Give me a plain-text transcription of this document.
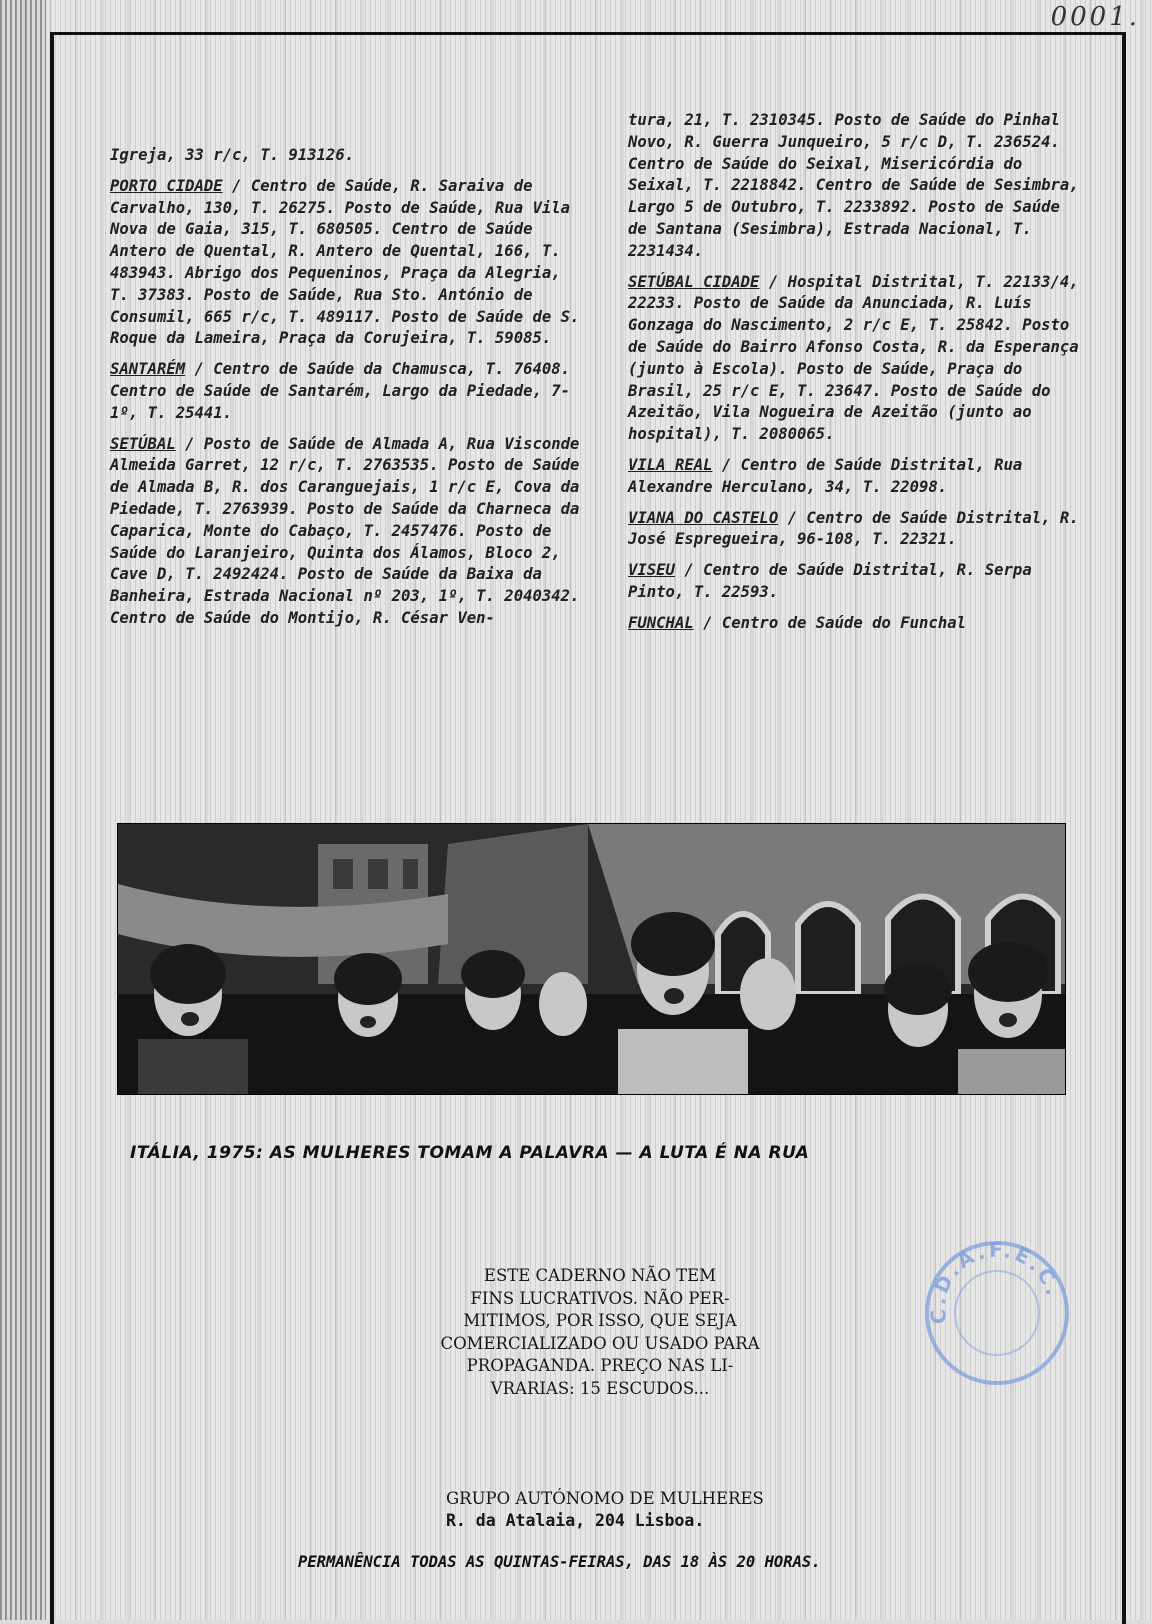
0001.

Igreja, 33 r/c, T. 913126.

PORTO CIDADE / Centro de Saúde, R. Saraiva de Carvalho, 130, T. 26275. Posto de Saúde, Rua Vila Nova de Gaia, 315, T. 680505. Centro de Saúde Antero de Quental, R. Antero de Quental, 166, T. 483943. Abrigo dos Pequeninos, Praça da Alegria, T. 37383. Posto de Saúde, Rua Sto. António de Consumil, 665 r/c, T. 489117. Posto de Saúde de S. Roque da Lameira, Praça da Corujeira, T. 59085.

SANTARÉM / Centro de Saúde da Chamusca, T. 76408. Centro de Saúde de Santarém, Largo da Piedade, 7-1º, T. 25441.

SETÚBAL / Posto de Saúde de Almada A, Rua Visconde Almeida Garret, 12 r/c, T. 2763535. Posto de Saúde de Almada B, R. dos Caranguejais, 1 r/c E, Cova da Piedade, T. 2763939. Posto de Saúde da Charneca da Caparica, Monte do Cabaço, T. 2457476. Posto de Saúde do Laranjeiro, Quinta dos Álamos, Bloco 2, Cave D, T. 2492424. Posto de Saúde da Baixa da Banheira, Estrada Nacional nº 203, 1º, T. 2040342. Centro de Saúde do Montijo, R. César Ven-

tura, 21, T. 2310345. Posto de Saúde do Pinhal Novo, R. Guerra Junqueiro, 5 r/c D, T. 236524. Centro de Saúde do Seixal, Misericórdia do Seixal, T. 2218842. Centro de Saúde de Sesimbra, Largo 5 de Outubro, T. 2233892. Posto de Saúde de Santana (Sesimbra), Estrada Nacional, T. 2231434.

SETÚBAL CIDADE / Hospital Distrital, T. 22133/4, 22233. Posto de Saúde da Anunciada, R. Luís Gonzaga do Nascimento, 2 r/c E, T. 25842. Posto de Saúde do Bairro Afonso Costa, R. da Esperança (junto à Escola). Posto de Saúde, Praça do Brasil, 25 r/c E, T. 23647. Posto de Saúde do Azeitão, Vila Nogueira de Azeitão (junto ao hospital), T. 2080065.

VILA REAL / Centro de Saúde Distrital, Rua Alexandre Herculano, 34, T. 22098.

VIANA DO CASTELO / Centro de Saúde Distrital, R. José Espregueira, 96-108, T. 22321.

VISEU / Centro de Saúde Distrital, R. Serpa Pinto, T. 22593.

FUNCHAL / Centro de Saúde do Funchal

ITÁLIA, 1975: AS MULHERES TOMAM A PALAVRA — A LUTA É NA RUA
ESTE CADERNO NÃO TEM
FINS LUCRATIVOS. NÃO PER-
MITIMOS, POR ISSO, QUE SEJA
COMERCIALIZADO OU USADO PARA
PROPAGANDA. PREÇO NAS LI-
VRARIAS: 15 ESCUDOS...
GRUPO AUTÓNOMO DE MULHERES
R. da Atalaia, 204 Lisboa.
PERMANÊNCIA TODAS AS QUINTAS-FEIRAS, DAS 18 ÀS 20 HORAS.
C.D.A.F.E.C.
